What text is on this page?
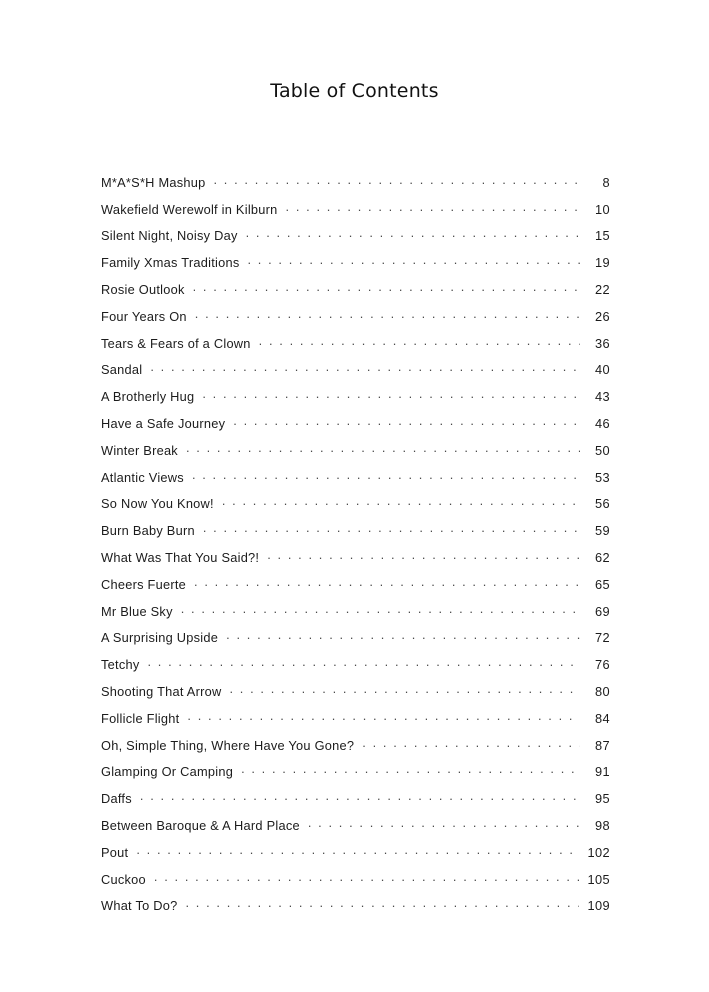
Table of Contents
M*A*S*H Mashup . . .	8
Wakefield Werewolf in Kilburn . . .	10
Silent Night, Noisy Day . . .	15
Family Xmas Traditions . . .	19
Rosie Outlook . . .	22
Four Years On . . .	26
Tears & Fears of a Clown . . .	36
Sandal . . .	40
A Brotherly Hug . . .	43
Have a Safe Journey . . .	46
Winter Break . . .	50
Atlantic Views . . .	53
So Now You Know! . . .	56
Burn Baby Burn . . .	59
What Was That You Said?! . . .	62
Cheers Fuerte . . .	65
Mr Blue Sky . . .	69
A Surprising Upside . . .	72
Tetchy . . .	76
Shooting That Arrow . . .	80
Follicle Flight . . .	84
Oh, Simple Thing, Where Have You Gone? . . .	87
Glamping Or Camping . . .	91
Daffs . . .	95
Between Baroque & A Hard Place . . .	98
Pout . . .	102
Cuckoo . . .	105
What To Do? . . .	109
